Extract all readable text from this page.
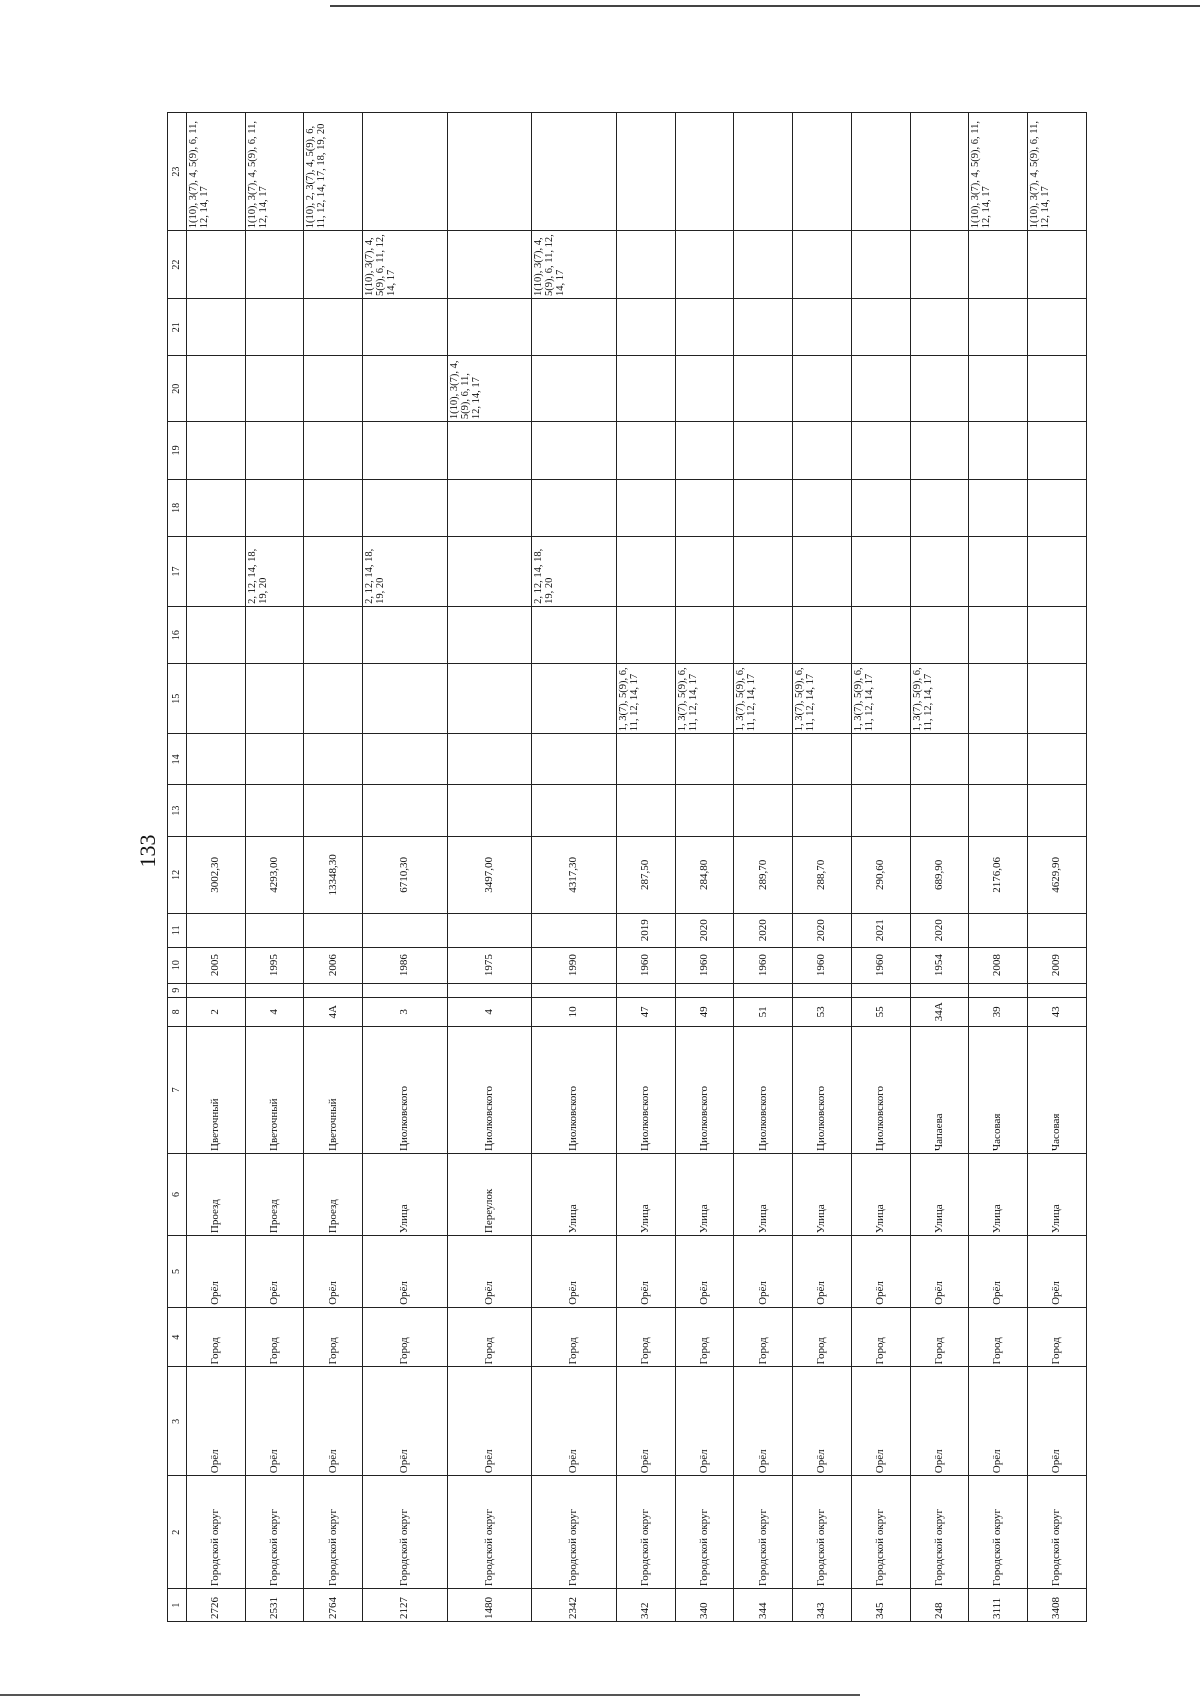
133
1	2	3	4	5	6	7	8	9	10	11	12	13	14	15	16	17	18	19	20	21	22	23
2726	Городской округ	Орёл	Город	Орёл	Проезд	Цветочный	2		2005		3002,30											1(10), 3(7), 4, 5(9), 6, 11, 12, 14, 17
2531	Городской округ	Орёл	Город	Орёл	Проезд	Цветочный	4		1995		4293,00					2, 12, 14, 18, 19, 20						1(10), 3(7), 4, 5(9), 6, 11, 12, 14, 17
2764	Городской округ	Орёл	Город	Орёл	Проезд	Цветочный	4А		2006		13348,30											1(10), 2, 3(7), 4, 5(9), 6, 11, 12, 14, 17, 18, 19, 20
2127	Городской округ	Орёл	Город	Орёл	Улица	Циолковского	3		1986		6710,30					2, 12, 14, 18, 19, 20					1(10), 3(7), 4, 5(9), 6, 11, 12, 14, 17	
1480	Городской округ	Орёл	Город	Орёл	Переулок	Циолковского	4		1975		3497,00								1(10), 3(7), 4, 5(9), 6, 11, 12, 14, 17			
2342	Городской округ	Орёл	Город	Орёл	Улица	Циолковского	10		1990		4317,30					2, 12, 14, 18, 19, 20					1(10), 3(7), 4, 5(9), 6, 11, 12, 14, 17	
342	Городской округ	Орёл	Город	Орёл	Улица	Циолковского	47		1960	2019	287,50			1, 3(7), 5(9), 6, 11, 12, 14, 17								
340	Городской округ	Орёл	Город	Орёл	Улица	Циолковского	49		1960	2020	284,80			1, 3(7), 5(9), 6, 11, 12, 14, 17								
344	Городской округ	Орёл	Город	Орёл	Улица	Циолковского	51		1960	2020	289,70			1, 3(7), 5(9), 6, 11, 12, 14, 17								
343	Городской округ	Орёл	Город	Орёл	Улица	Циолковского	53		1960	2020	288,70			1, 3(7), 5(9), 6, 11, 12, 14, 17								
345	Городской округ	Орёл	Город	Орёл	Улица	Циолковского	55		1960	2021	290,60			1, 3(7), 5(9), 6, 11, 12, 14, 17								
248	Городской округ	Орёл	Город	Орёл	Улица	Чапаева	34А		1954	2020	689,90			1, 3(7), 5(9), 6, 11, 12, 14, 17								
3111	Городской округ	Орёл	Город	Орёл	Улица	Часовая	39		2008		2176,06											1(10), 3(7), 4, 5(9), 6, 11, 12, 14, 17
3408	Городской округ	Орёл	Город	Орёл	Улица	Часовая	43		2009		4629,90											1(10), 3(7), 4, 5(9), 6, 11, 12, 14, 17
